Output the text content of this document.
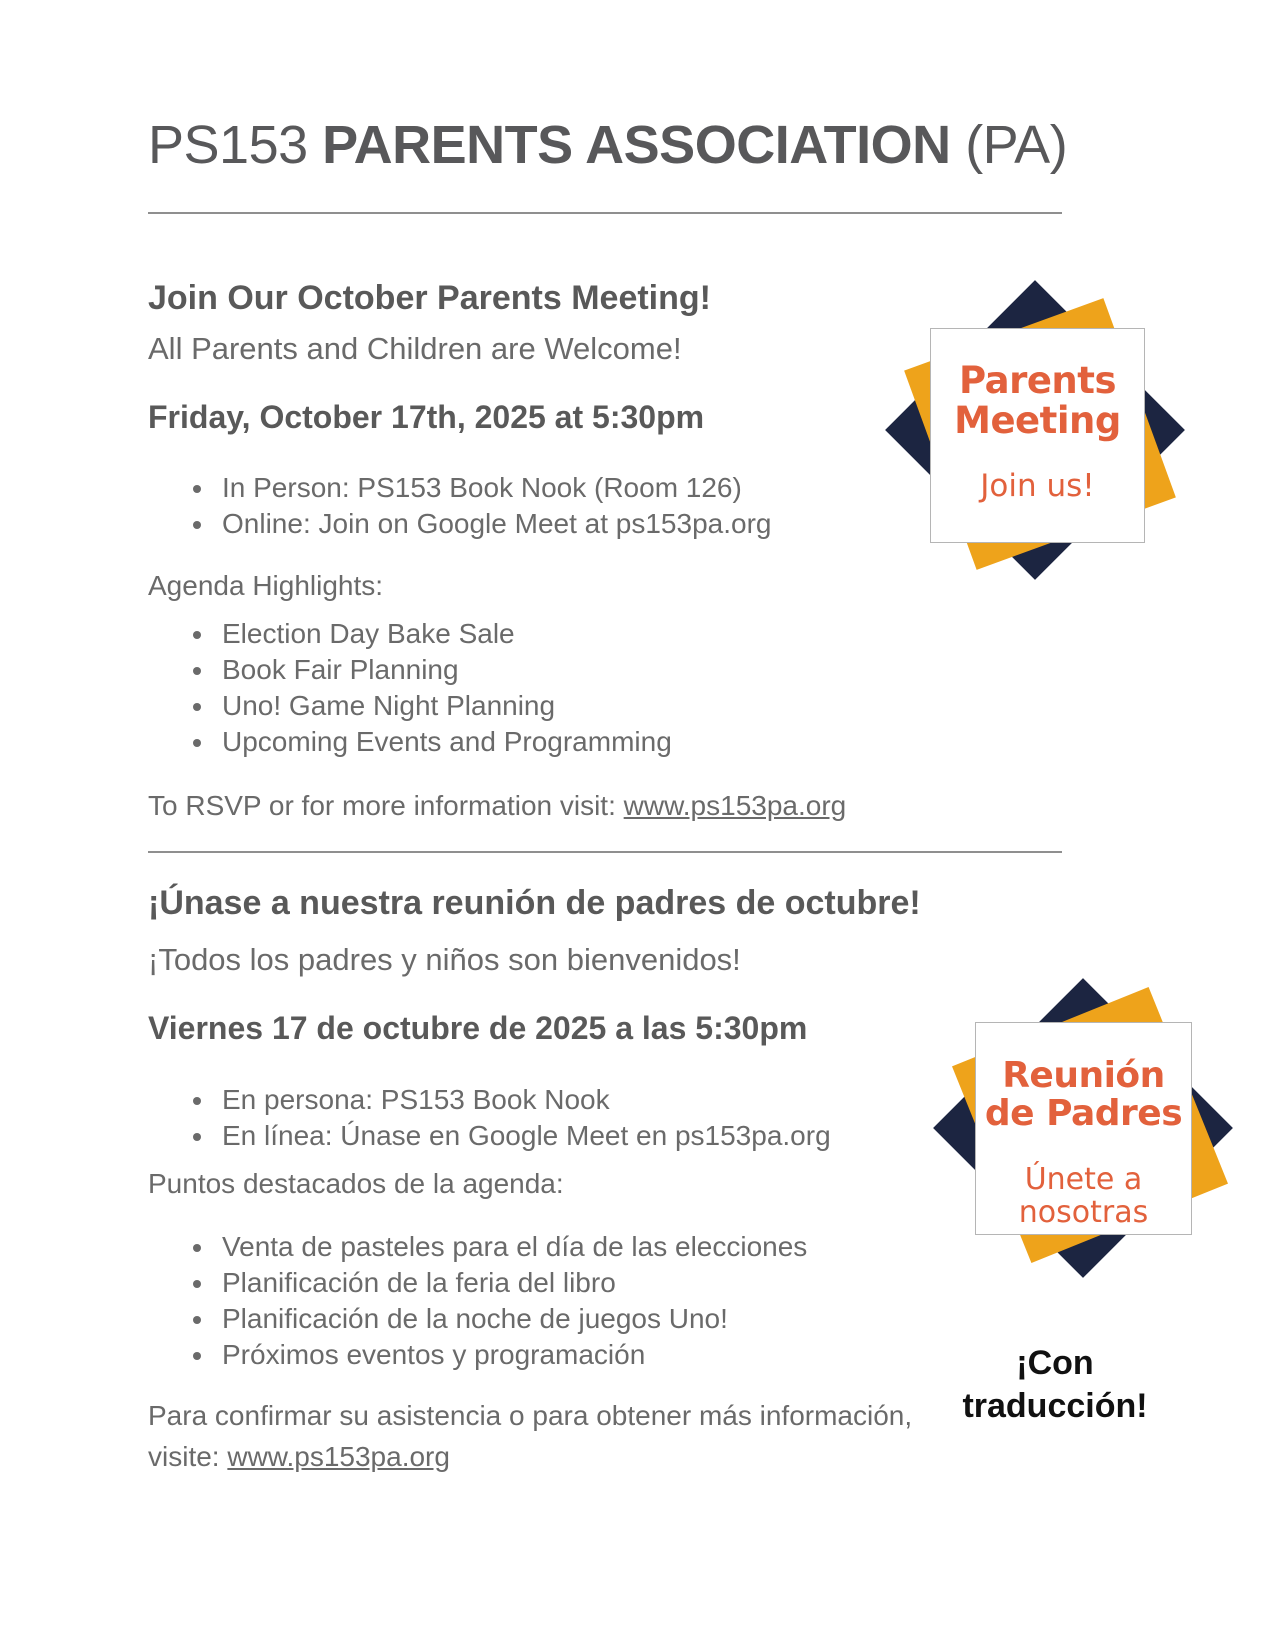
PS153 PARENTS ASSOCIATION (PA)
Join Our October Parents Meeting!
All Parents and Children are Welcome!
Friday, October 17th, 2025 at 5:30pm
• In Person: PS153 Book Nook (Room 126)
• Online: Join on Google Meet at ps153pa.org
Agenda Highlights:
• Election Day Bake Sale
• Book Fair Planning
• Uno! Game Night Planning
• Upcoming Events and Programming
To RSVP or for more information visit: www.ps153pa.org
¡Únase a nuestra reunión de padres de octubre!
¡Todos los padres y niños son bienvenidos!
Viernes 17 de octubre de 2025 a las 5:30pm
• En persona: PS153 Book Nook
• En línea: Únase en Google Meet en ps153pa.org
Puntos destacados de la agenda:
• Venta de pasteles para el día de las elecciones
• Planificación de la feria del libro
• Planificación de la noche de juegos Uno!
• Próximos eventos y programación
Para confirmar su asistencia o para obtener más información,
visite: www.ps153pa.org
Parents
Meeting
Join us!
Reunión
de Padres
Únete a
nosotras
¡Con
traducción!
